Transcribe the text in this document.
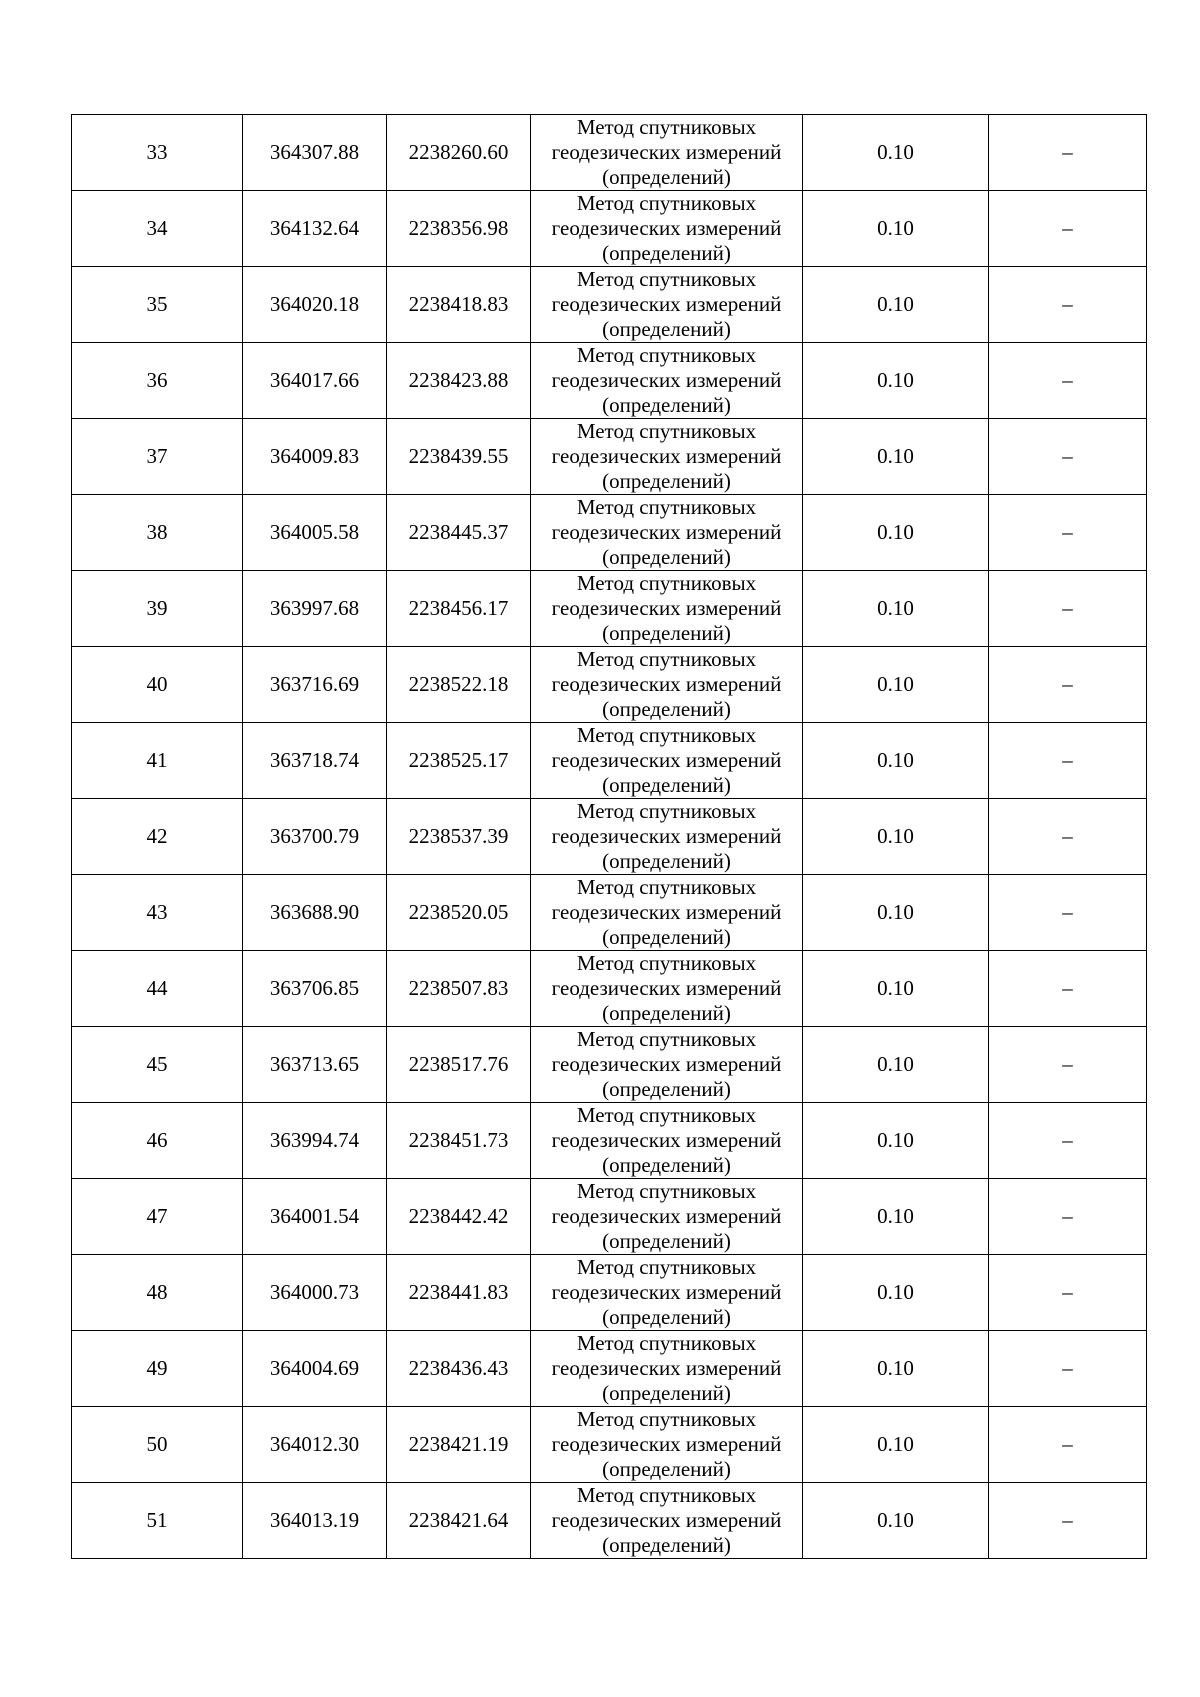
33	364307.88	2238260.60	Метод спутниковых геодезических измерений (определений)	0.10	–
34	364132.64	2238356.98	Метод спутниковых геодезических измерений (определений)	0.10	–
35	364020.18	2238418.83	Метод спутниковых геодезических измерений (определений)	0.10	–
36	364017.66	2238423.88	Метод спутниковых геодезических измерений (определений)	0.10	–
37	364009.83	2238439.55	Метод спутниковых геодезических измерений (определений)	0.10	–
38	364005.58	2238445.37	Метод спутниковых геодезических измерений (определений)	0.10	–
39	363997.68	2238456.17	Метод спутниковых геодезических измерений (определений)	0.10	–
40	363716.69	2238522.18	Метод спутниковых геодезических измерений (определений)	0.10	–
41	363718.74	2238525.17	Метод спутниковых геодезических измерений (определений)	0.10	–
42	363700.79	2238537.39	Метод спутниковых геодезических измерений (определений)	0.10	–
43	363688.90	2238520.05	Метод спутниковых геодезических измерений (определений)	0.10	–
44	363706.85	2238507.83	Метод спутниковых геодезических измерений (определений)	0.10	–
45	363713.65	2238517.76	Метод спутниковых геодезических измерений (определений)	0.10	–
46	363994.74	2238451.73	Метод спутниковых геодезических измерений (определений)	0.10	–
47	364001.54	2238442.42	Метод спутниковых геодезических измерений (определений)	0.10	–
48	364000.73	2238441.83	Метод спутниковых геодезических измерений (определений)	0.10	–
49	364004.69	2238436.43	Метод спутниковых геодезических измерений (определений)	0.10	–
50	364012.30	2238421.19	Метод спутниковых геодезических измерений (определений)	0.10	–
51	364013.19	2238421.64	Метод спутниковых геодезических измерений (определений)	0.10	–
